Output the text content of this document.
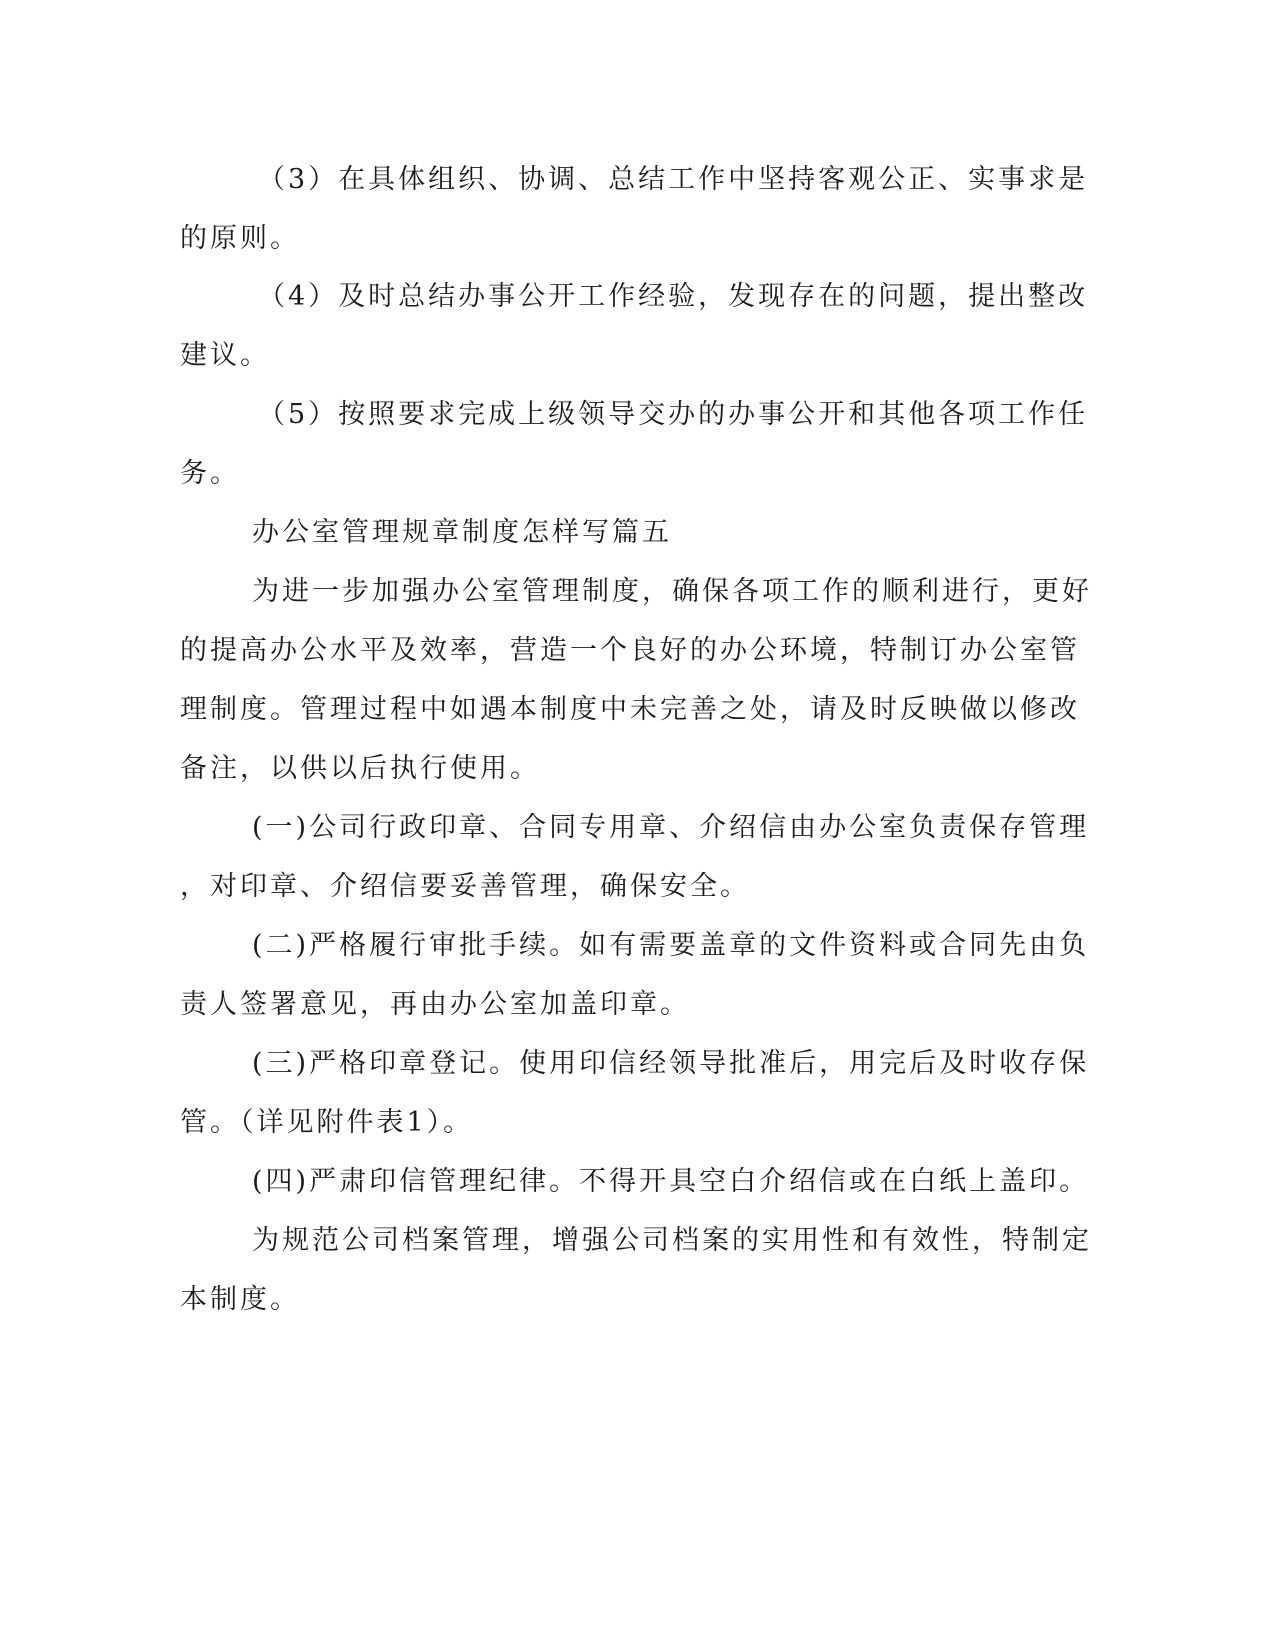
（3）在具体组织、协调、总结工作中坚持客观公正、实事求是
的原则。
（4）及时总结办事公开工作经验，发现存在的问题，提出整改
建议。
（5）按照要求完成上级领导交办的办事公开和其他各项工作任
务。
办公室管理规章制度怎样写篇五
为进一步加强办公室管理制度，确保各项工作的顺利进行，更好
的提高办公水平及效率，营造一个良好的办公环境，特制订办公室管
理制度。管理过程中如遇本制度中未完善之处，请及时反映做以修改
备注，以供以后执行使用。
(一)公司行政印章、合同专用章、介绍信由办公室负责保存管理
，对印章、介绍信要妥善管理，确保安全。
(二)严格履行审批手续。如有需要盖章的文件资料或合同先由负
责人签署意见，再由办公室加盖印章。
(三)严格印章登记。使用印信经领导批准后，用完后及时收存保
管。（详见附件表1）。
(四)严肃印信管理纪律。不得开具空白介绍信或在白纸上盖印。
为规范公司档案管理，增强公司档案的实用性和有效性，特制定
本制度。
